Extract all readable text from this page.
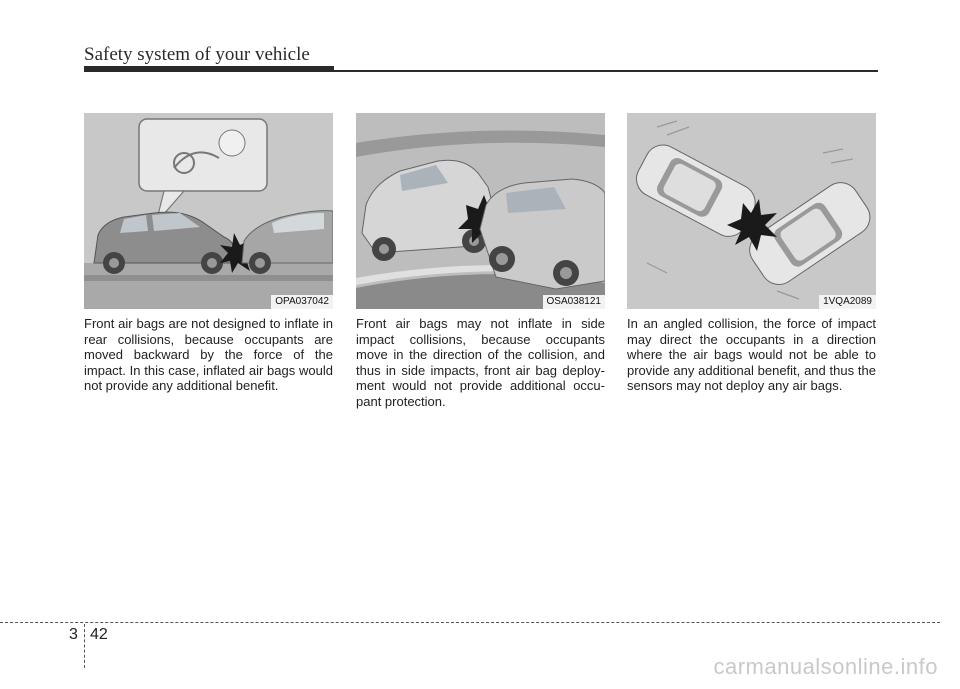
Safety system of your vehicle
OPA037042	OSA038121	1VQA2089
Front air bags are not designed to inflate in rear collisions, because occupants are moved backward by the force of the impact. In this case, inflated air bags would not provide any additional benefit.
Front air bags may not inflate in side impact collisions, because occupants move in the direction of the collision, and thus in side impacts, front air bag deploy-ment would not provide additional occu-pant protection.
In an angled collision, the force of impact may direct the occupants in a direction where the air bags would not be able to provide any additional benefit, and thus the sensors may not deploy any air bags.
3 42
carmanualsonline.info
